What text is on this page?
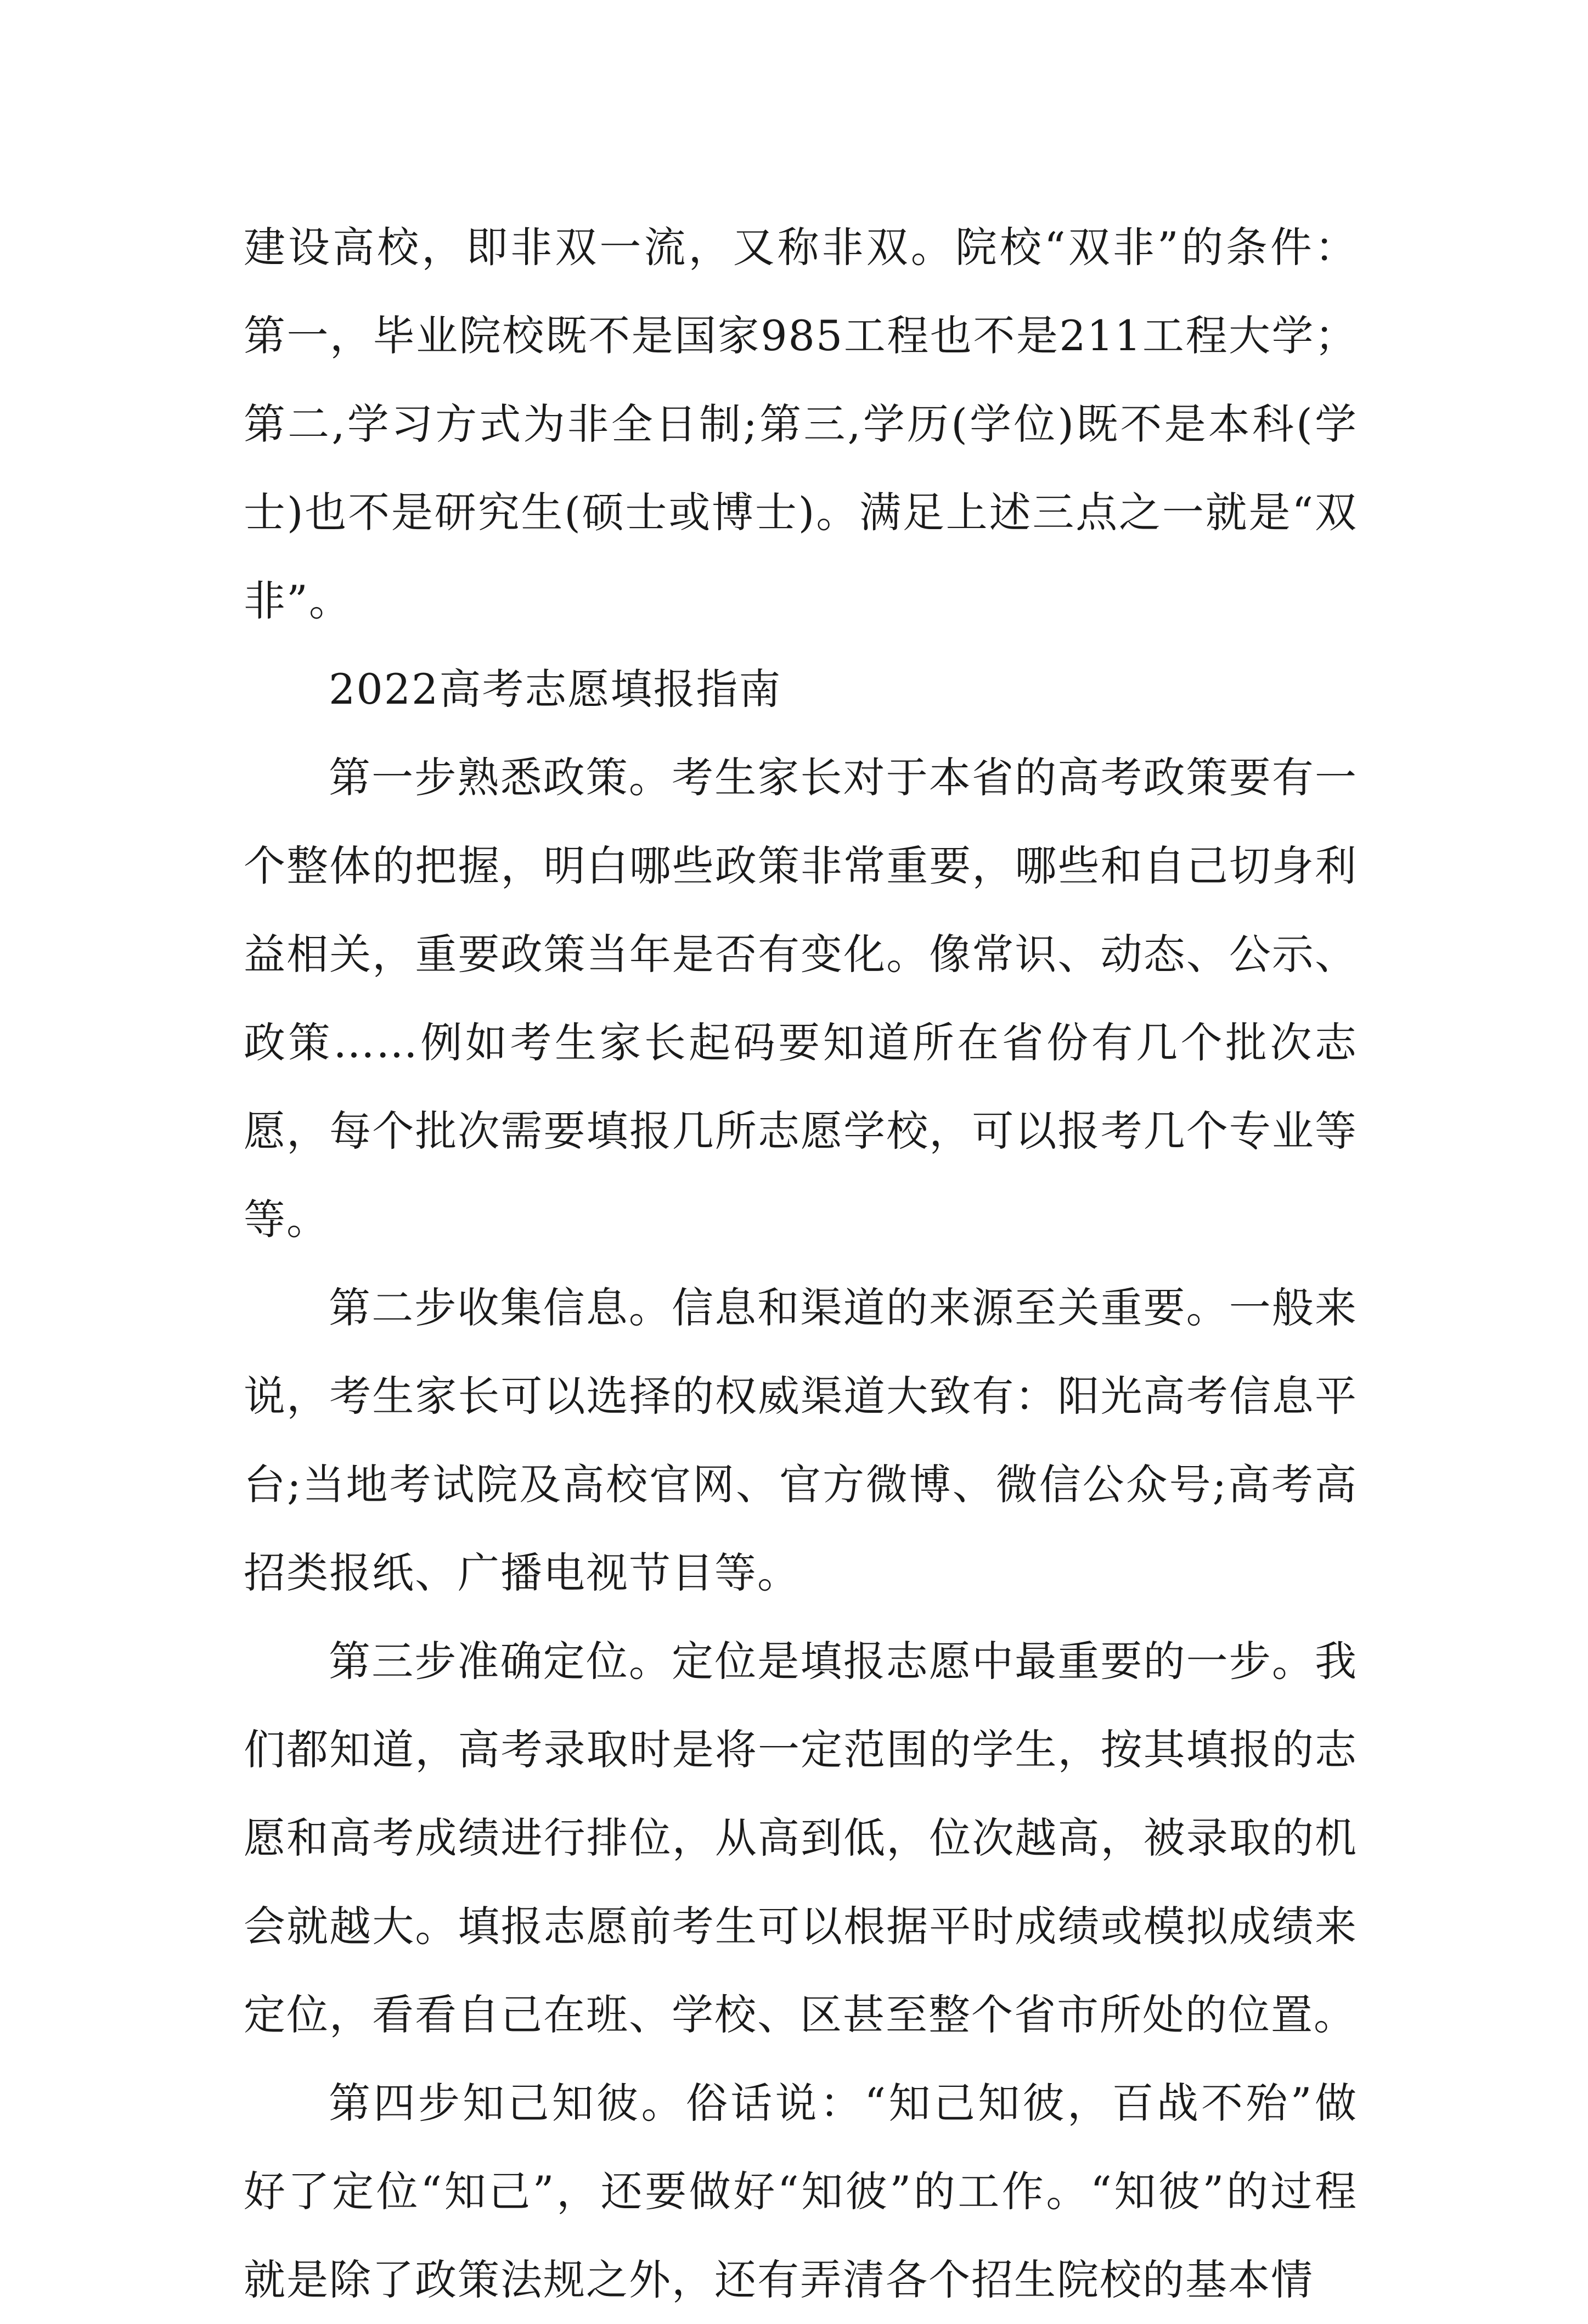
建设高校，即非双一流，又称非双。院校“双非”的条件：第一，毕业院校既不是国家985工程也不是211工程大学；第二,学习方式为非全日制;第三,学历(学位)既不是本科(学士)也不是研究生(硕士或博士)。满足上述三点之一就是“双非”。

2022高考志愿填报指南

第一步熟悉政策。考生家长对于本省的高考政策要有一个整体的把握，明白哪些政策非常重要，哪些和自己切身利益相关，重要政策当年是否有变化。像常识、动态、公示、政策……例如考生家长起码要知道所在省份有几个批次志愿，每个批次需要填报几所志愿学校，可以报考几个专业等等。

第二步收集信息。信息和渠道的来源至关重要。一般来说，考生家长可以选择的权威渠道大致有：阳光高考信息平台;当地考试院及高校官网、官方微博、微信公众号;高考高招类报纸、广播电视节目等。

第三步准确定位。定位是填报志愿中最重要的一步。我们都知道，高考录取时是将一定范围的学生，按其填报的志愿和高考成绩进行排位，从高到低，位次越高，被录取的机会就越大。填报志愿前考生可以根据平时成绩或模拟成绩来定位，看看自己在班、学校、区甚至整个省市所处的位置。

第四步知己知彼。俗话说：“知己知彼，百战不殆”做好了定位“知己”，还要做好“知彼”的工作。“知彼”的过程就是除了政策法规之外，还有弄清各个招生院校的基本情
